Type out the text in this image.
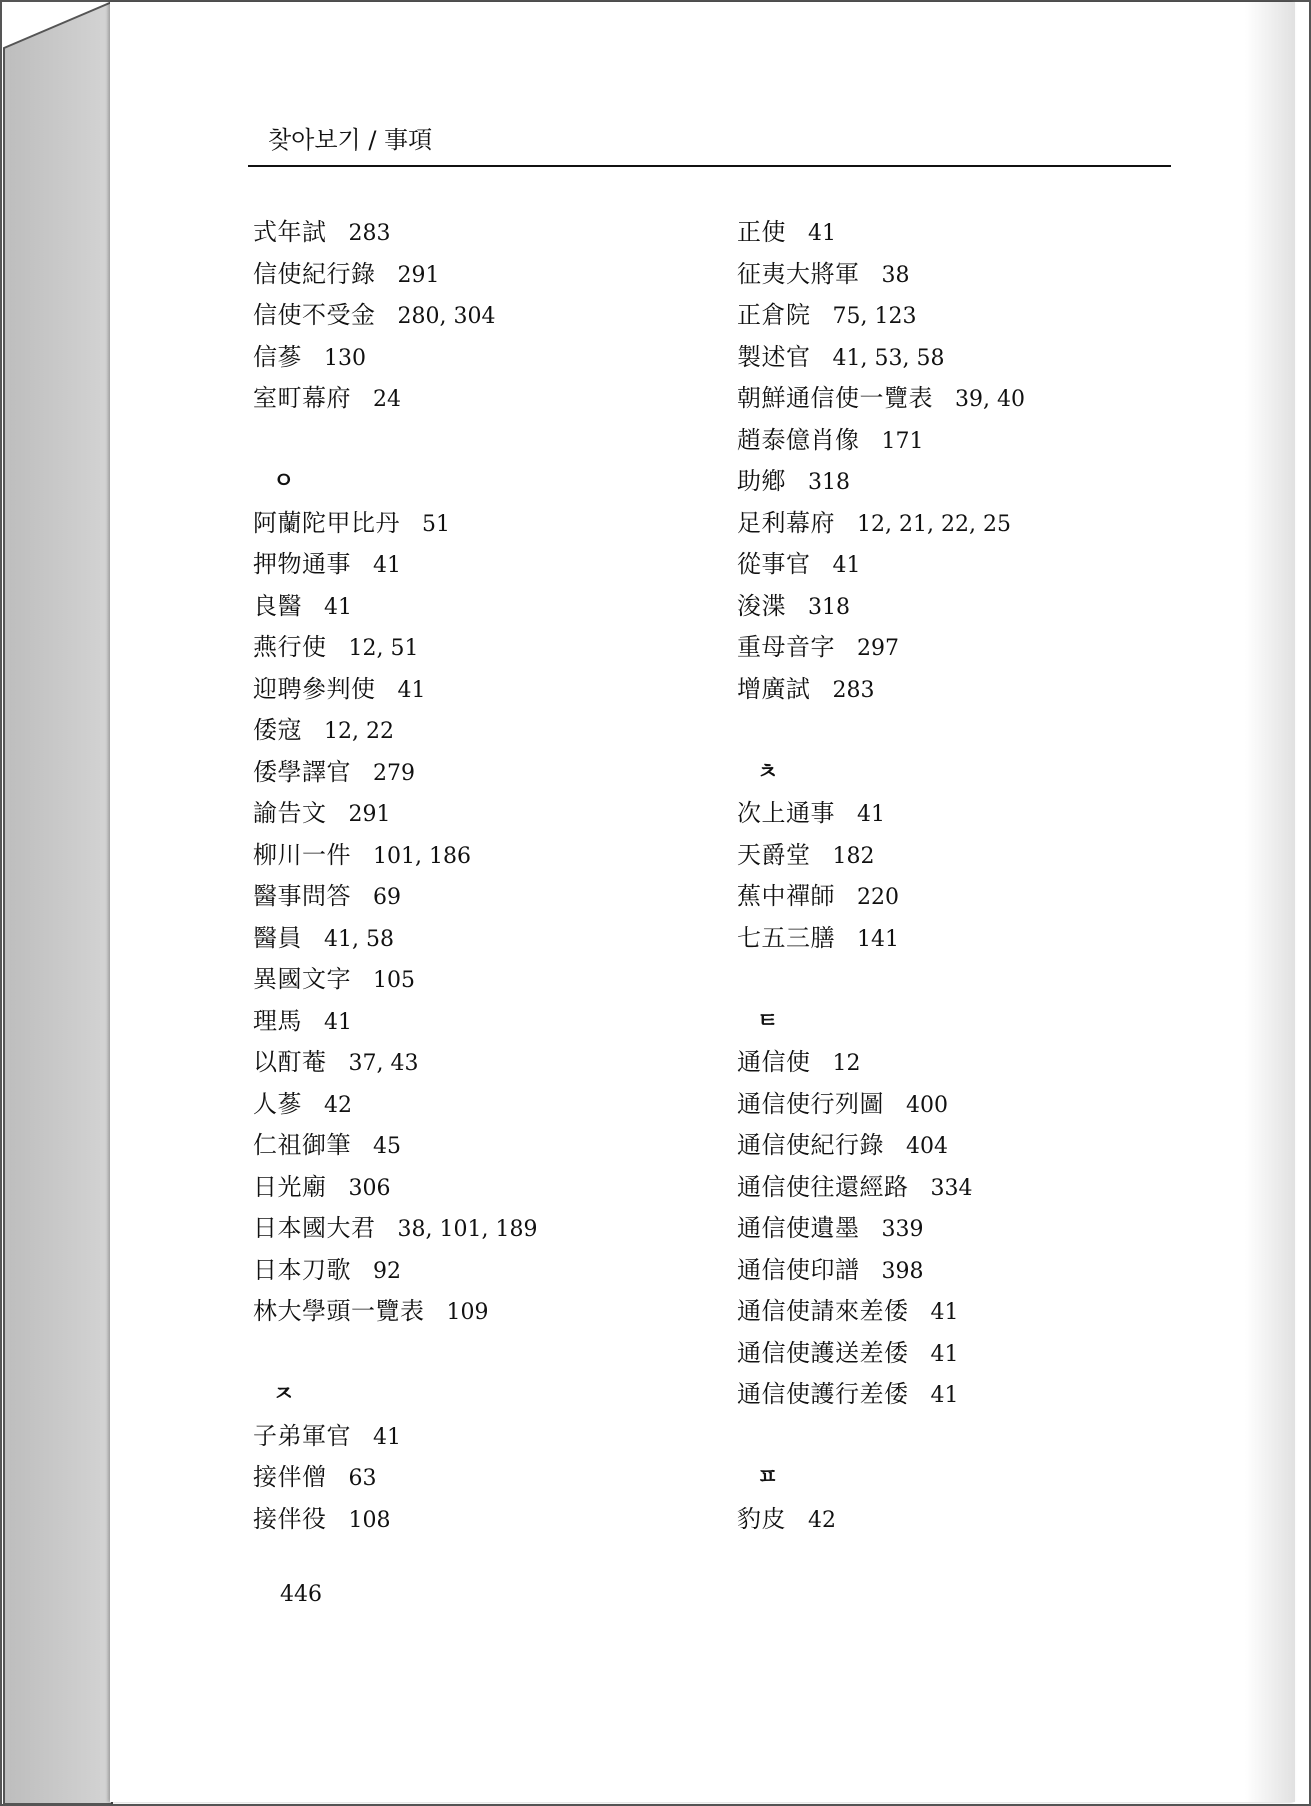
찾아보기 / 事項
式年試 283
信使紀行錄 291
信使不受金 280, 304
信蔘 130
室町幕府 24
ㅇ
阿蘭陀甲比丹 51
押物通事 41
良醫 41
燕行使 12, 51
迎聘參判使 41
倭寇 12, 22
倭學譯官 279
諭告文 291
柳川一件 101, 186
醫事問答 69
醫員 41, 58
異國文字 105
理馬 41
以酊菴 37, 43
人蔘 42
仁祖御筆 45
日光廟 306
日本國大君 38, 101, 189
日本刀歌 92
林大學頭一覽表 109
ㅈ
子弟軍官 41
接伴僧 63
接伴役 108
正使 41
征夷大將軍 38
正倉院 75, 123
製述官 41, 53, 58
朝鮮通信使一覽表 39, 40
趙泰億肖像 171
助鄕 318
足利幕府 12, 21, 22, 25
從事官 41
浚渫 318
重母音字 297
增廣試 283
ㅊ
次上通事 41
天爵堂 182
蕉中禪師 220
七五三膳 141
ㅌ
通信使 12
通信使行列圖 400
通信使紀行錄 404
通信使往還經路 334
通信使遺墨 339
通信使印譜 398
通信使請來差倭 41
通信使護送差倭 41
通信使護行差倭 41
ㅍ
豹皮 42
446
